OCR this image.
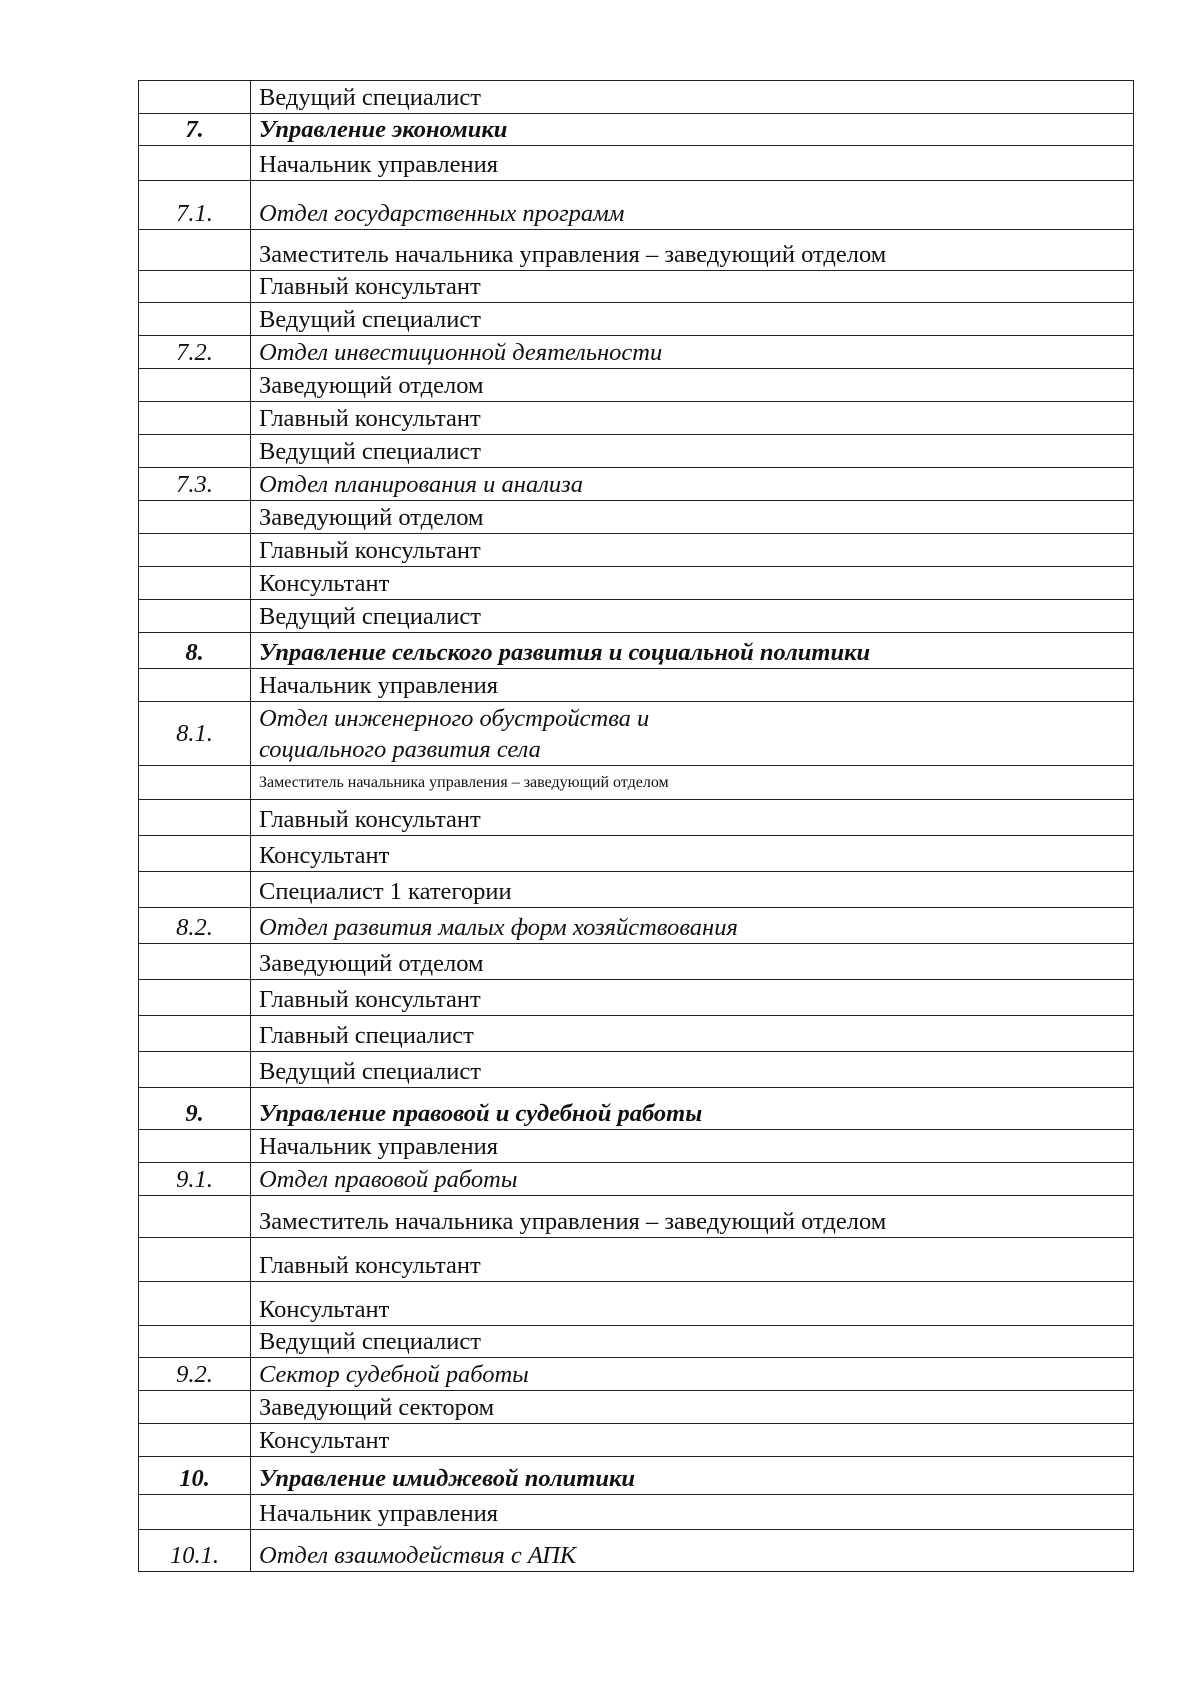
	Ведущий специалист
7.	Управление экономики
	Начальник управления
7.1.	Отдел государственных программ
	Заместитель начальника управления – заведующий отделом
	Главный консультант
	Ведущий специалист
7.2.	Отдел инвестиционной деятельности
	Заведующий отделом
	Главный консультант
	Ведущий специалист
7.3.	Отдел планирования и анализа
	Заведующий отделом
	Главный консультант
	Консультант
	Ведущий специалист
8.	Управление сельского развития и социальной политики
	Начальник управления
8.1.	Отдел инженерного обустройства и
социального развития села
	Заместитель начальника управления – заведующий отделом
	Главный консультант
	Консультант
	Специалист 1 категории
8.2.	Отдел развития малых форм хозяйствования
	Заведующий отделом
	Главный консультант
	Главный специалист
	Ведущий специалист
9.	Управление правовой и судебной работы
	Начальник управления
9.1.	Отдел правовой работы
	Заместитель начальника управления – заведующий отделом
	Главный консультант
	Консультант
	Ведущий специалист
9.2.	Сектор судебной работы
	Заведующий сектором
	Консультант
10.	Управление имиджевой политики
	Начальник управления
10.1.	Отдел взаимодействия с АПК
